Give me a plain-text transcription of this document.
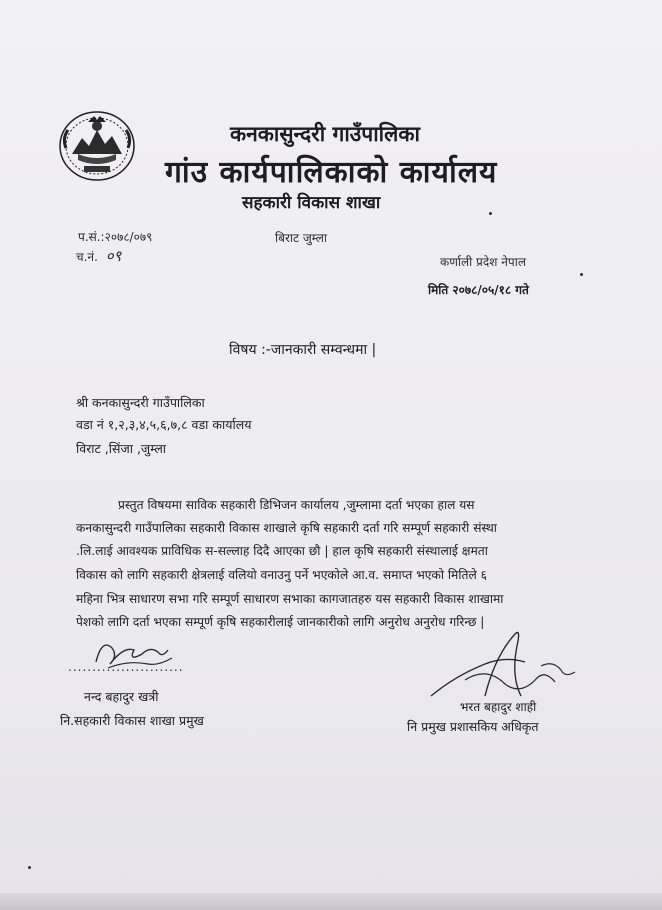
कनकासुन्दरी गाउँपालिका
गांउ कार्यपालिकाको कार्यालय
सहकारी विकास शाखा
प.सं.:२०७८/०७९
च.नं. ०९
बिराट जुम्ला
कर्णाली प्रदेश नेपाल
मिति २०७८/०५/१८ गते
विषय :-जानकारी सम्वन्धमा |
श्री कनकासुन्दरी गाउँपालिका
वडा नं १,२,३,४,५,६,७,८ वडा कार्यालय
विराट ,सिंजा ,जुम्ला
प्रस्तुत विषयमा साविक सहकारी डिभिजन कार्यालय ,जुम्लामा दर्ता भएका हाल यस
कनकासुन्दरी गाउँपालिका सहकारी विकास शाखाले कृषि सहकारी दर्ता गरि सम्पूर्ण सहकारी संस्था
.लि.लाई आवश्यक प्राविधिक स-सल्लाह दिदै आएका छौ | हाल कृषि सहकारी संस्थालाई क्षमता
विकास को लागि सहकारी क्षेत्रलाई वलियो वनाउनु पर्ने भएकोले आ.व. समाप्त भएको मितिले ६
महिना भित्र साधारण सभा गरि सम्पूर्ण साधारण सभाका कागजातहरु यस सहकारी विकास शाखामा
पेशको लागि दर्ता भएका सम्पूर्ण कृषि सहकारीलाई जानकारीको लागि अनुरोध अनुरोध गरिन्छ |
........................
नन्द बहादुर खत्री
नि.सहकारी विकास शाखा प्रमुख
भरत बहादुर शाही
नि प्रमुख प्रशासकिय अधिकृत
